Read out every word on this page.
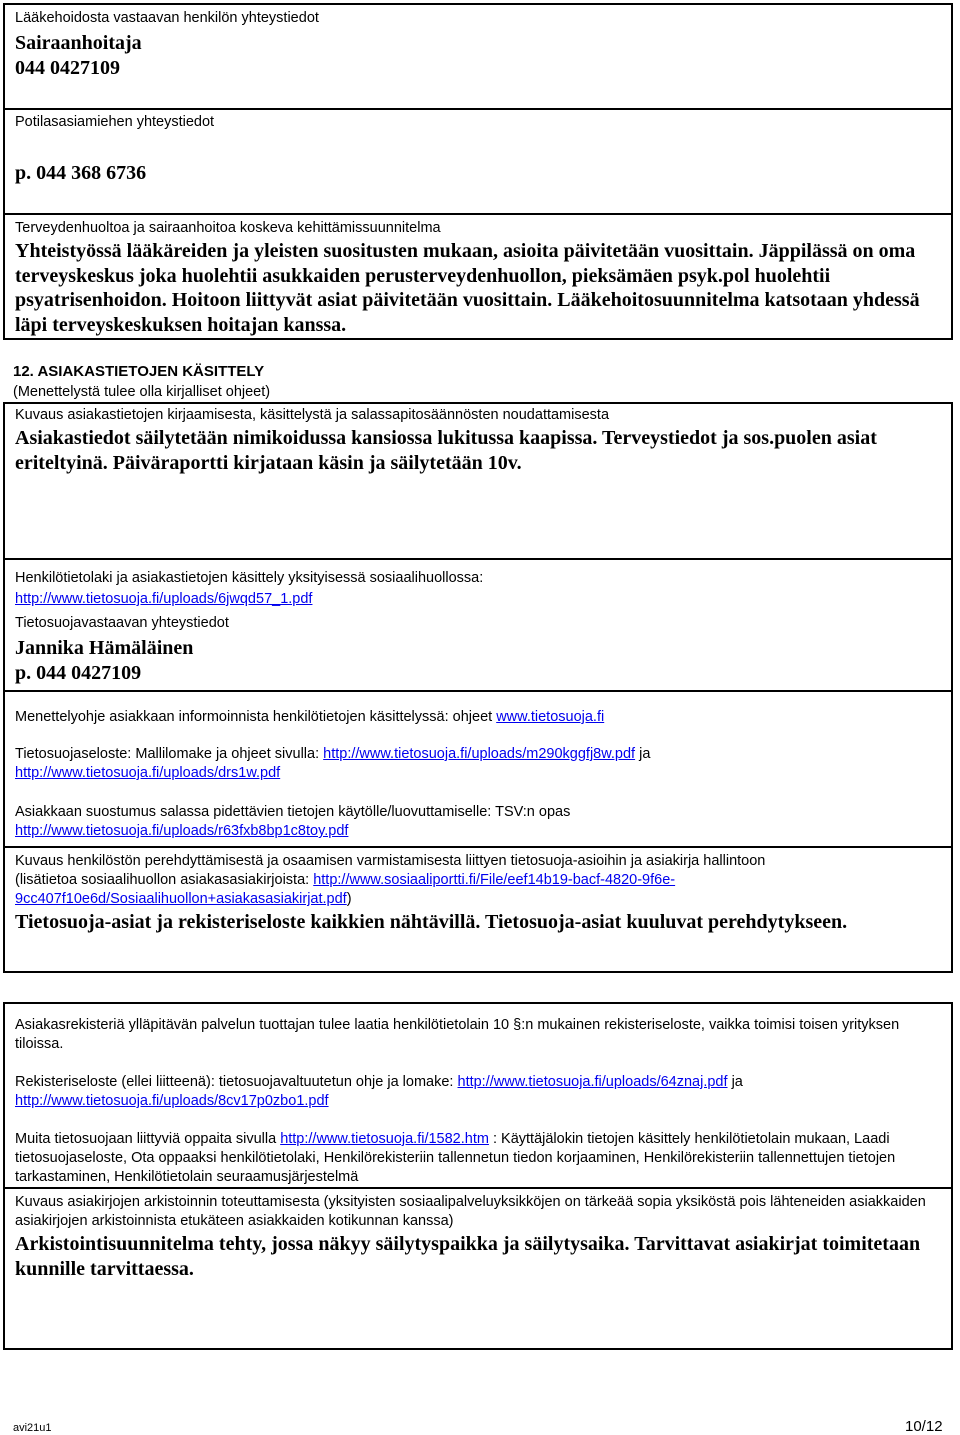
Lääkehoidosta vastaavan henkilön yhteystiedot

Sairaanhoitaja

044 0427109

Potilasasiamiehen yhteystiedot

p. 044 368 6736

Terveydenhuoltoa ja sairaanhoitoa koskeva kehittämissuunnitelma

Yhteistyössä lääkäreiden ja yleisten suositusten mukaan, asioita päivitetään vuosittain. Jäppilässä on oma terveyskeskus joka huolehtii asukkaiden perusterveydenhuollon, pieksämäen psyk.pol huolehtii psyatrisenhoidon. Hoitoon liittyvät asiat päivitetään vuosittain. Lääkehoitosuunnitelma katsotaan yhdessä läpi terveyskeskuksen hoitajan kanssa.

12. ASIAKASTIETOJEN KÄSITTELY

(Menettelystä tulee olla kirjalliset ohjeet)

Kuvaus asiakastietojen kirjaamisesta, käsittelystä ja salassapitosäännösten noudattamisesta

Asiakastiedot säilytetään nimikoidussa kansiossa lukitussa kaapissa. Terveystiedot ja sos.puolen asiat eriteltyinä. Päiväraportti kirjataan käsin ja säilytetään 10v.

Henkilötietolaki ja asiakastietojen käsittely yksityisessä sosiaalihuollossa:

http://www.tietosuoja.fi/uploads/6jwqd57_1.pdf

Tietosuojavastaavan yhteystiedot

Jannika Hämäläinen

p. 044 0427109

Menettelyohje asiakkaan informoinnista henkilötietojen käsittelyssä: ohjeet www.tietosuoja.fi

Tietosuojaseloste: Mallilomake ja ohjeet sivulla: http://www.tietosuoja.fi/uploads/m290kggfj8w.pdf ja

http://www.tietosuoja.fi/uploads/drs1w.pdf

Asiakkaan suostumus salassa pidettävien tietojen käytölle/luovuttamiselle: TSV:n opas

http://www.tietosuoja.fi/uploads/r63fxb8bp1c8toy.pdf

Kuvaus henkilöstön perehdyttämisestä ja osaamisen varmistamisesta liittyen tietosuoja-asioihin ja asiakirja hallintoon

(lisätietoa sosiaalihuollon asiakasasiakirjoista: http://www.sosiaaliportti.fi/File/eef14b19-bacf-4820-9f6e-

9cc407f10e6d/Sosiaalihuollon+asiakasasiakirjat.pdf)

Tietosuoja-asiat ja rekisteriseloste kaikkien nähtävillä. Tietosuoja-asiat kuuluvat perehdytykseen.

Asiakasrekisteriä ylläpitävän palvelun tuottajan tulee laatia henkilötietolain 10 §:n mukainen rekisteriseloste, vaikka toimisi toisen yrityksen tiloissa.

Rekisteriseloste (ellei liitteenä): tietosuojavaltuutetun ohje ja lomake: http://www.tietosuoja.fi/uploads/64znaj.pdf ja

http://www.tietosuoja.fi/uploads/8cv17p0zbo1.pdf

Muita tietosuojaan liittyviä oppaita sivulla http://www.tietosuoja.fi/1582.htm : Käyttäjälokin tietojen käsittely henkilötietolain mukaan, Laadi tietosuojaseloste, Ota oppaaksi henkilötietolaki, Henkilörekisteriin tallennetun tiedon korjaaminen, Henkilörekisteriin tallennettujen tietojen tarkastaminen, Henkilötietolain seuraamusjärjestelmä

Kuvaus asiakirjojen arkistoinnin toteuttamisesta (yksityisten sosiaalipalveluyksikköjen on tärkeää sopia yksiköstä pois lähteneiden asiakkaiden asiakirjojen arkistoinnista etukäteen asiakkaiden kotikunnan kanssa)

Arkistointisuunnitelma tehty, jossa näkyy säilytyspaikka ja säilytysaika. Tarvittavat asiakirjat toimitetaan kunnille tarvittaessa.

avi21u1	10/12
